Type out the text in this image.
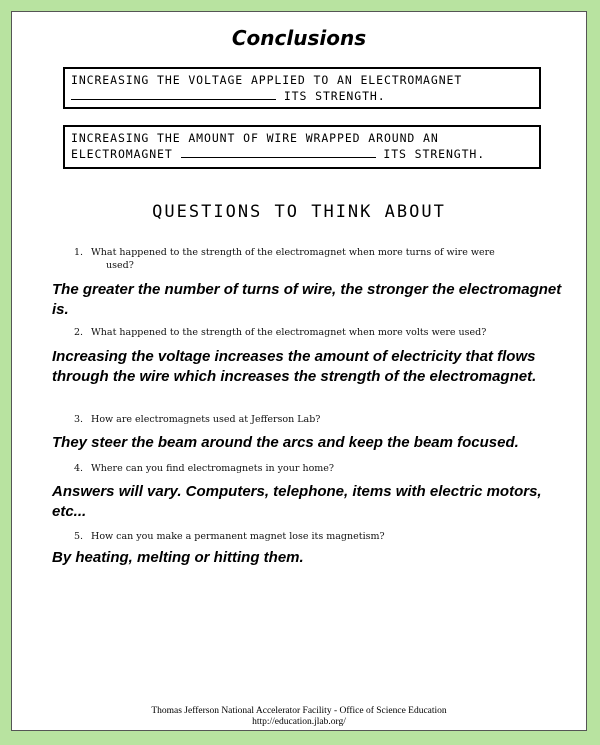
Conclusions
INCREASING THE VOLTAGE APPLIED TO AN ELECTROMAGNET
ITS STRENGTH.
INCREASING THE AMOUNT OF WIRE WRAPPED AROUND AN
ELECTROMAGNET	ITS STRENGTH.
QUESTIONS TO THINK ABOUT
1. What happened to the strength of the electromagnet when more turns of wire were
used?
The greater the number of turns of wire, the stronger the electromagnet is.
2. What happened to the strength of the electromagnet when more volts were used?
Increasing the voltage increases the amount of electricity that flows through the wire which increases the strength of the electromagnet.
3. How are electromagnets used at Jefferson Lab?
They steer the beam around the arcs and keep the beam focused.
4. Where can you find electromagnets in your home?
Answers will vary. Computers, telephone, items with electric motors, etc...
5. How can you make a permanent magnet lose its magnetism?
By heating, melting or hitting them.
Thomas Jefferson National Accelerator Facility - Office of Science Education
http://education.jlab.org/
